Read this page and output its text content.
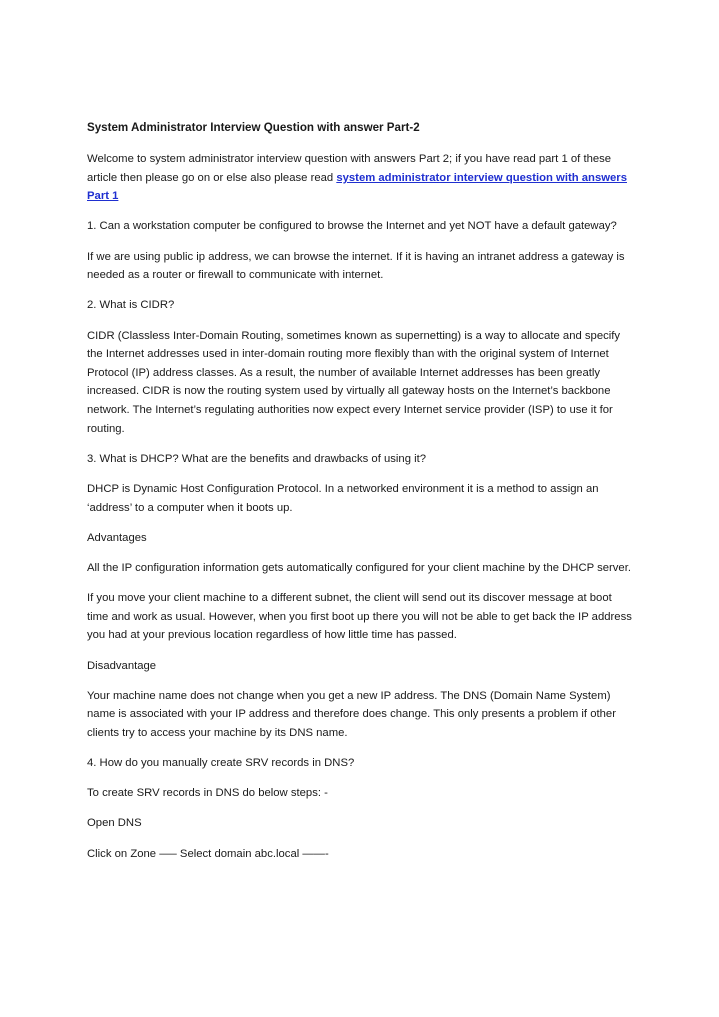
System Administrator Interview Question with answer Part-2

Welcome to system administrator interview question with answers Part 2; if you have read part 1 of these article then please go on or else also please read system administrator interview question with answers Part 1

1. Can a workstation computer be configured to browse the Internet and yet NOT have a default gateway?

If we are using public ip address, we can browse the internet. If it is having an intranet address a gateway is needed as a router or firewall to communicate with internet.

2. What is CIDR?

CIDR (Classless Inter-Domain Routing, sometimes known as supernetting) is a way to allocate and specify the Internet addresses used in inter-domain routing more flexibly than with the original system of Internet Protocol (IP) address classes. As a result, the number of available Internet addresses has been greatly increased. CIDR is now the routing system used by virtually all gateway hosts on the Internet’s backbone network. The Internet’s regulating authorities now expect every Internet service provider (ISP) to use it for routing.

3. What is DHCP? What are the benefits and drawbacks of using it?

DHCP is Dynamic Host Configuration Protocol. In a networked environment it is a method to assign an ‘address’ to a computer when it boots up.

Advantages

All the IP configuration information gets automatically configured for your client machine by the DHCP server.

If you move your client machine to a different subnet, the client will send out its discover message at boot time and work as usual. However, when you first boot up there you will not be able to get back the IP address you had at your previous location regardless of how little time has passed.

Disadvantage

Your machine name does not change when you get a new IP address. The DNS (Domain Name System) name is associated with your IP address and therefore does change. This only presents a problem if other clients try to access your machine by its DNS name.

4. How do you manually create SRV records in DNS?

To create SRV records in DNS do below steps: -

Open DNS

Click on Zone —– Select domain abc.local ——-
